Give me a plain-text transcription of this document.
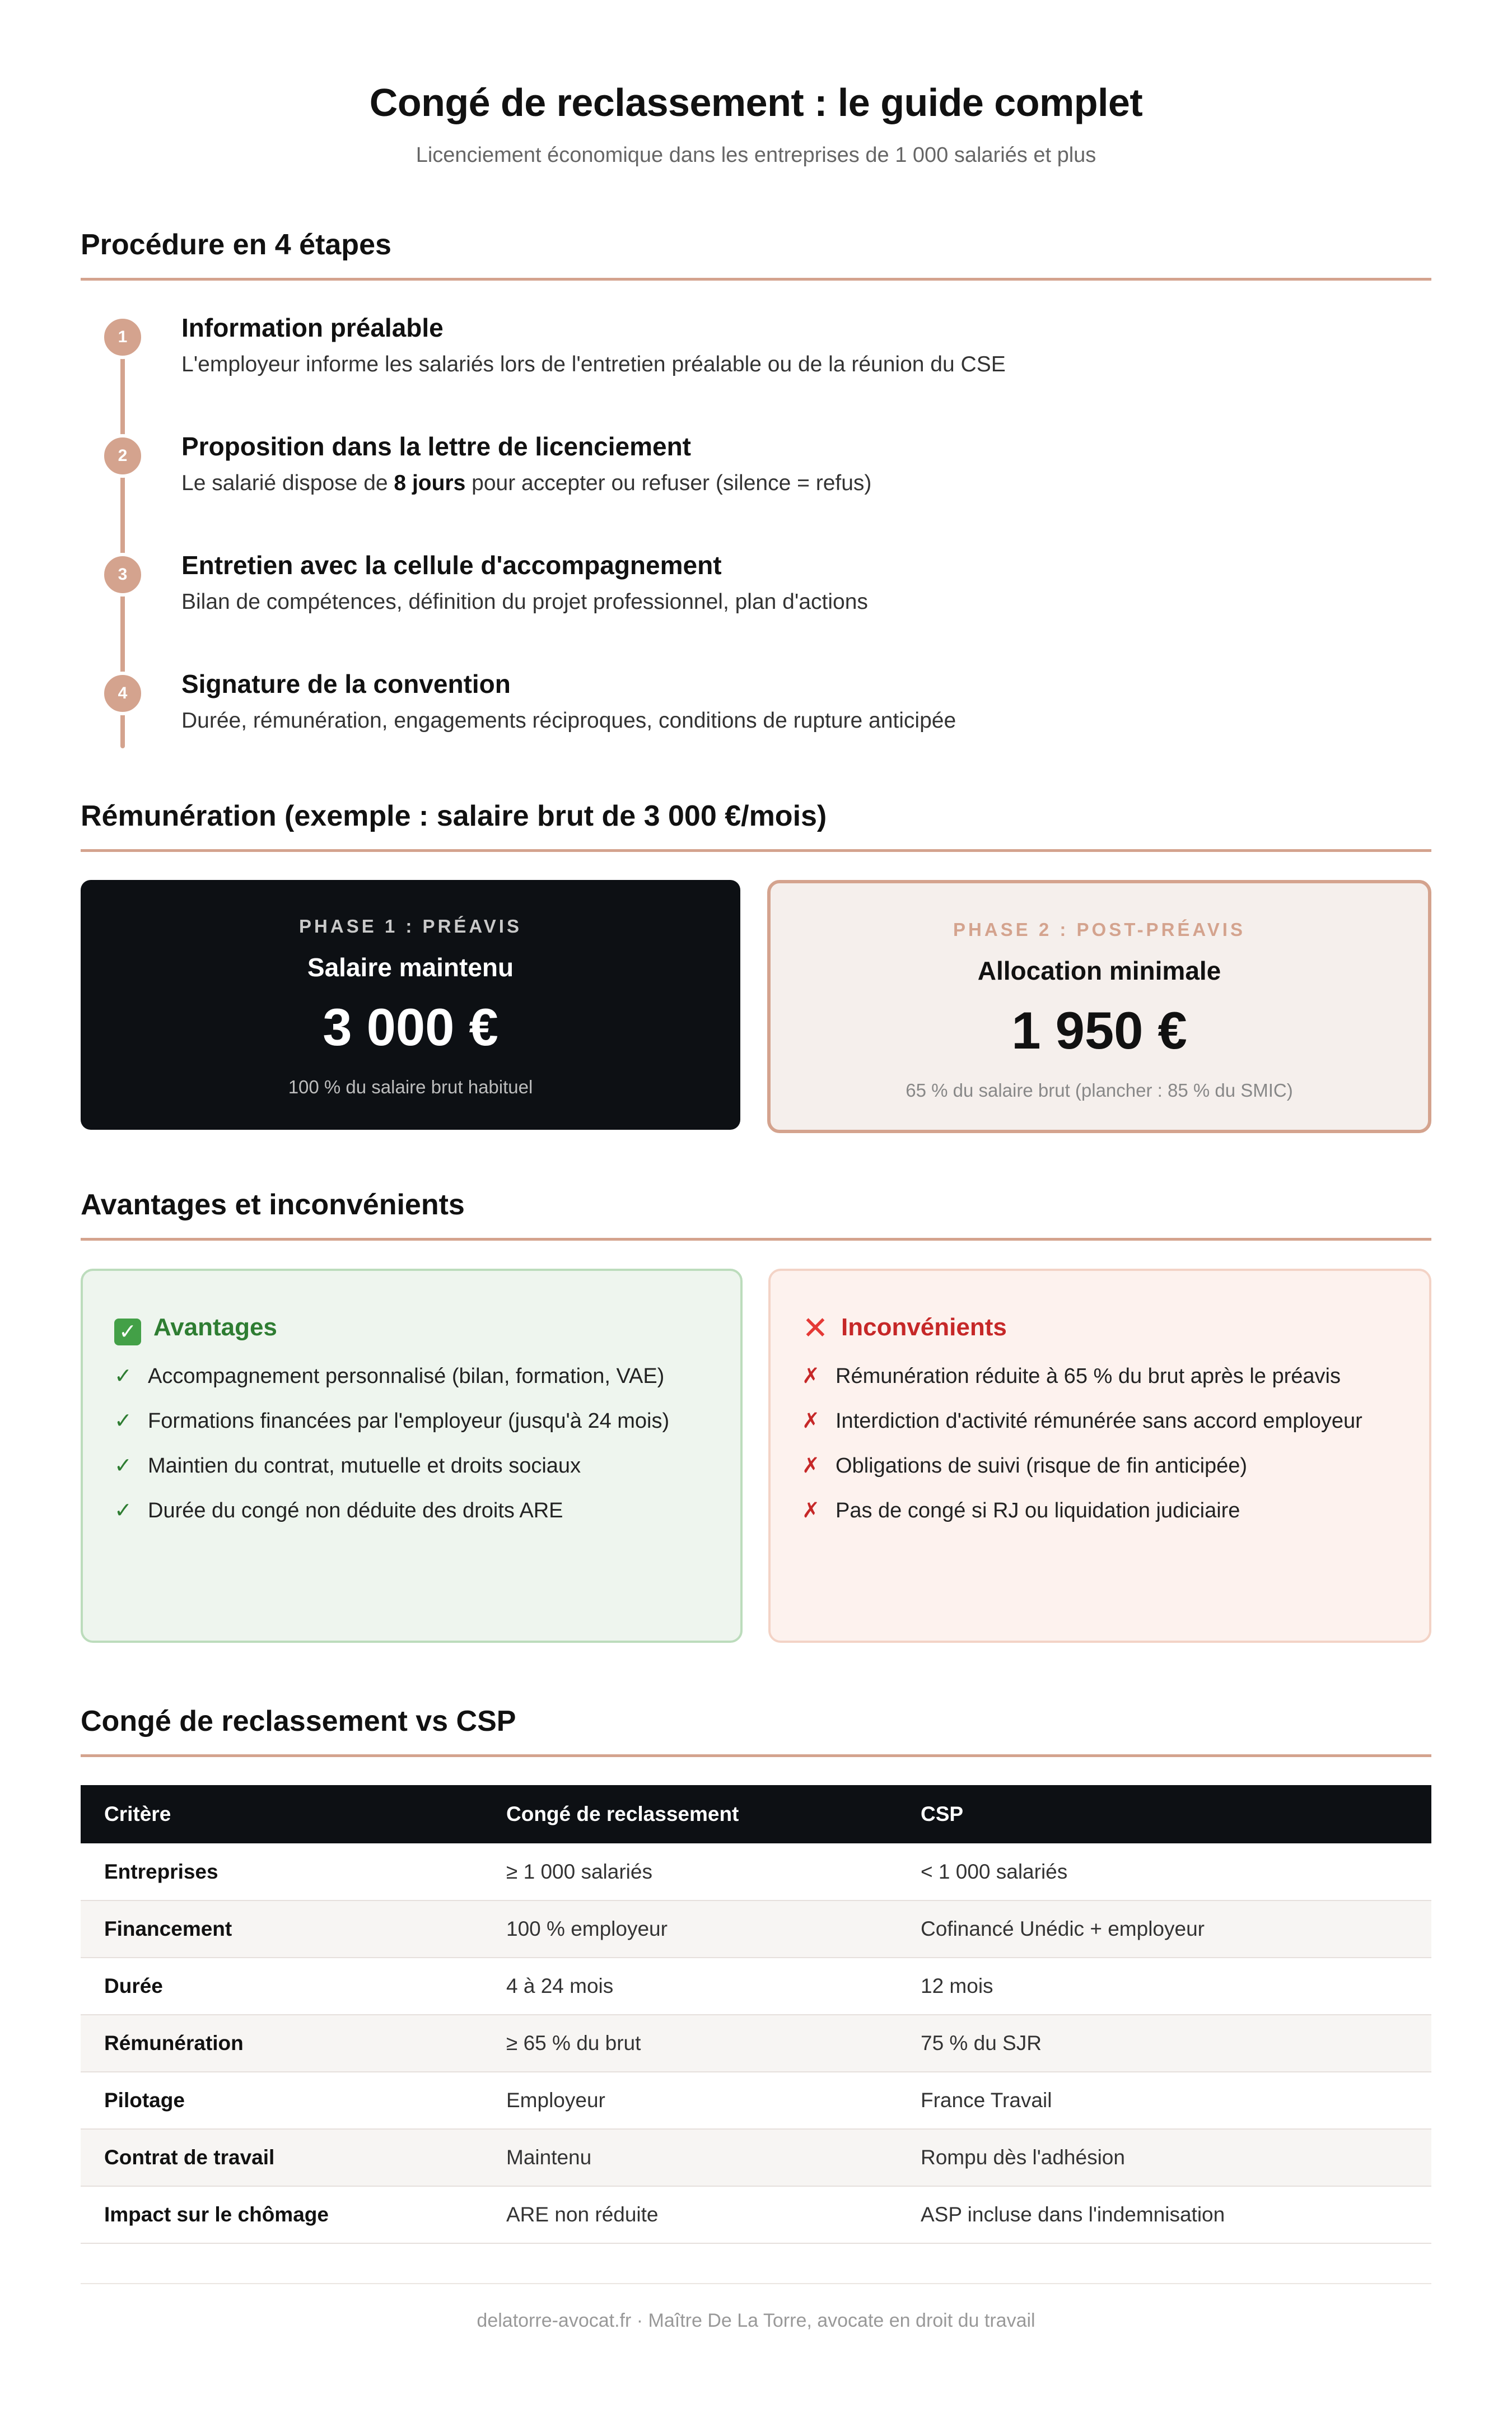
Congé de reclassement : le guide complet
Licenciement économique dans les entreprises de 1 000 salariés et plus
Procédure en 4 étapes
1	Information préalable
L'employeur informe les salariés lors de l'entretien préalable ou de la réunion du CSE
2	Proposition dans la lettre de licenciement
Le salarié dispose de 8 jours pour accepter ou refuser (silence = refus)
3	Entretien avec la cellule d'accompagnement
Bilan de compétences, définition du projet professionnel, plan d'actions
4	Signature de la convention
Durée, rémunération, engagements réciproques, conditions de rupture anticipée
Rémunération (exemple : salaire brut de 3 000 €/mois)
PHASE 1 : PRÉAVIS
Salaire maintenu
3 000 €
100 % du salaire brut habituel
PHASE 2 : POST-PRÉAVIS
Allocation minimale
1 950 €
65 % du salaire brut (plancher : 85 % du SMIC)
Avantages et inconvénients
✓ Avantages
✓ Accompagnement personnalisé (bilan, formation, VAE)
✓ Formations financées par l'employeur (jusqu'à 24 mois)
✓ Maintien du contrat, mutuelle et droits sociaux
✓ Durée du congé non déduite des droits ARE
✕ Inconvénients
✗ Rémunération réduite à 65 % du brut après le préavis
✗ Interdiction d'activité rémunérée sans accord employeur
✗ Obligations de suivi (risque de fin anticipée)
✗ Pas de congé si RJ ou liquidation judiciaire
Congé de reclassement vs CSP
Critère	Congé de reclassement	CSP
Entreprises	≥ 1 000 salariés	< 1 000 salariés
Financement	100 % employeur	Cofinancé Unédic + employeur
Durée	4 à 24 mois	12 mois
Rémunération	≥ 65 % du brut	75 % du SJR
Pilotage	Employeur	France Travail
Contrat de travail	Maintenu	Rompu dès l'adhésion
Impact sur le chômage	ARE non réduite	ASP incluse dans l'indemnisation
delatorre-avocat.fr · Maître De La Torre, avocate en droit du travail
